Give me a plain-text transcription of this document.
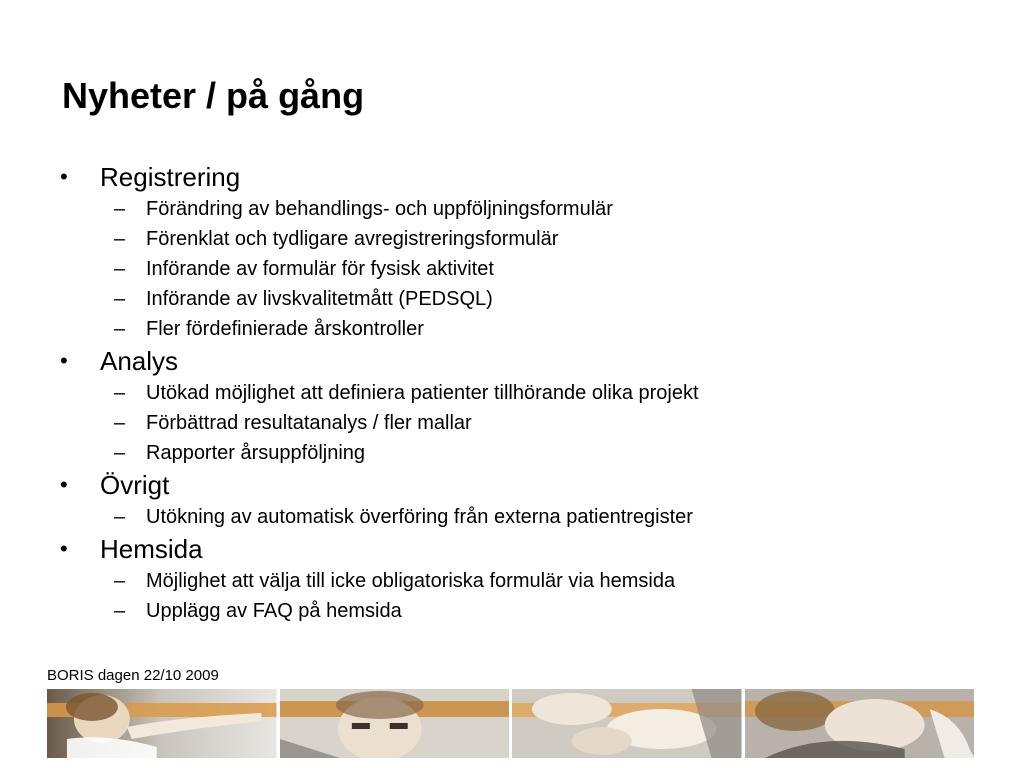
Nyheter / på gång
• Registrering
– Förändring av behandlings- och uppföljningsformulär
– Förenklat och tydligare avregistreringsformulär
– Införande av formulär för fysisk aktivitet
– Införande av livskvalitetmått (PEDSQL)
– Fler fördefinierade årskontroller
• Analys
– Utökad möjlighet att definiera patienter tillhörande olika projekt
– Förbättrad resultatanalys / fler mallar
– Rapporter årsuppföljning
• Övrigt
– Utökning av automatisk överföring från externa patientregister
• Hemsida
– Möjlighet att välja till icke obligatoriska formulär via hemsida
– Upplägg av FAQ på hemsida
BORIS dagen 22/10 2009
